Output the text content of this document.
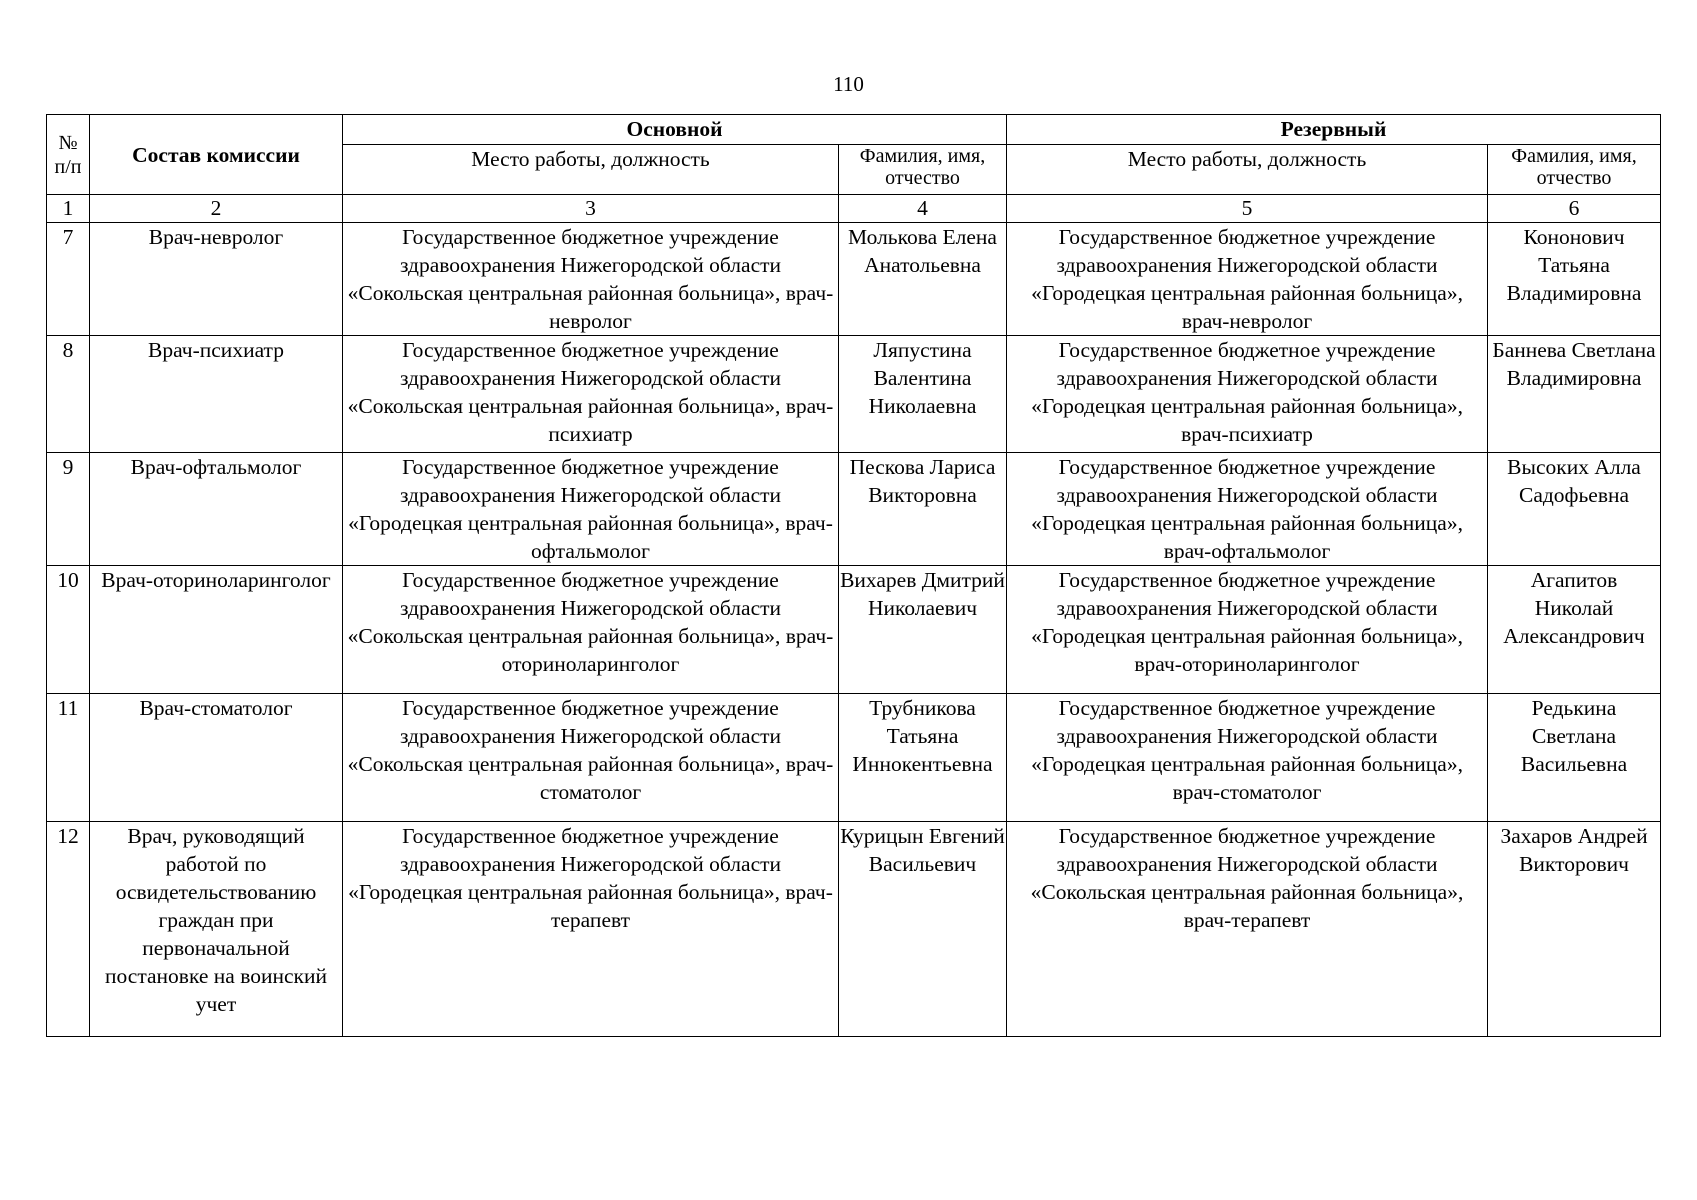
110
№ п/п	Состав комиссии	Основной		Резервный	
		Место работы, должность	Фамилия, имя, отчество	Место работы, должность	Фамилия, имя, отчество
1	2	3	4	5	6
7	Врач-невролог	Государственное бюджетное учреждение здравоохранения Нижегородской области «Сокольская центральная районная больница», врач-невролог	Молькова Елена Анатольевна	Государственное бюджетное учреждение здравоохранения Нижегородской области «Городецкая центральная районная больница», врач-невролог	Кононович Татьяна Владимировна
8	Врач-психиатр	Государственное бюджетное учреждение здравоохранения Нижегородской области «Сокольская центральная районная больница», врач-психиатр	Ляпустина Валентина Николаевна	Государственное бюджетное учреждение здравоохранения Нижегородской области «Городецкая центральная районная больница», врач-психиатр	Баннева Светлана Владимировна
9	Врач-офтальмолог	Государственное бюджетное учреждение здравоохранения Нижегородской области «Городецкая центральная районная больница», врач-офтальмолог	Пескова Лариса Викторовна	Государственное бюджетное учреждение здравоохранения Нижегородской области «Городецкая центральная районная больница», врач-офтальмолог	Высоких Алла Садофьевна
10	Врач-оториноларинголог	Государственное бюджетное учреждение здравоохранения Нижегородской области «Сокольская центральная районная больница», врач-оториноларинголог	Вихарев Дмитрий Николаевич	Государственное бюджетное учреждение здравоохранения Нижегородской области «Городецкая центральная районная больница», врач-оториноларинголог	Агапитов Николай Александрович
11	Врач-стоматолог	Государственное бюджетное учреждение здравоохранения Нижегородской области «Сокольская центральная районная больница», врач-стоматолог	Трубникова Татьяна Иннокентьевна	Государственное бюджетное учреждение здравоохранения Нижегородской области «Городецкая центральная районная больница», врач-стоматолог	Редькина Светлана Васильевна
12	Врач, руководящий работой по освидетельствованию граждан при первоначальной постановке на воинский учет	Государственное бюджетное учреждение здравоохранения Нижегородской области «Городецкая центральная районная больница», врач-терапевт	Курицын Евгений Васильевич	Государственное бюджетное учреждение здравоохранения Нижегородской области «Сокольская центральная районная больница», врач-терапевт	Захаров Андрей Викторович
